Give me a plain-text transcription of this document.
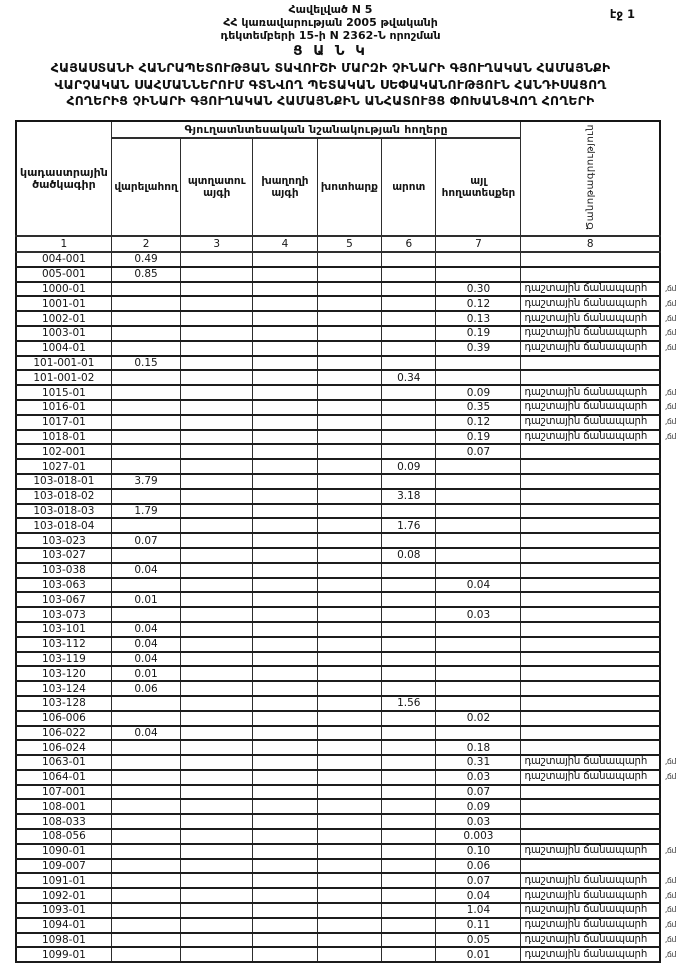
Հավելված N 5
ՀՀ կառավարության 2005 թվականի
դեկտեմբերի 15-ի N 2362-Ն որոշման
էջ 1
Ց Ա Ն Կ
ՀԱՅԱՍՏԱՆԻ ՀԱՆՐԱՊԵՏՈՒԹՅԱՆ ՏԱՎՈՒՇԻ ՄԱՐԶԻ ՉԻՆԱՐԻ ԳՅՈՒՂԱԿԱՆ ՀԱՄԱՅՆՔԻ
ՎԱՐՉԱԿԱՆ ՍԱՀՄԱՆՆԵՐՈՒՄ ԳՏՆՎՈՂ ՊԵՏԱԿԱՆ ՍԵՓԱԿԱՆՈՒԹՅՈՒՆ ՀԱՆԴԻՍԱՑՈՂ
ՀՈՂԵՐԻՑ ՉԻՆԱՐԻ ԳՅՈՒՂԱԿԱՆ ՀԱՄԱՅՆՔԻՆ ԱՆՀԱՏՈՒՅՑ ՓՈԽԱՆՑՎՈՂ ՀՈՂԵՐԻ
կադաստրային ծածկագիր	Գյուղատնտեսական նշանակության հողերը						Ծանոթագրություն
	վարելահող	պտղատու այգի	խաղողի այգի	խոտհարք	արոտ	այլ հողատեսքեր	
1	2	3	4	5	6	7	8
004-001	0.49						
005-001	0.85						
1000-01						0.30	դաշտային ճանապարհ ,ճմ

1001-01						0.12	դաշտային ճանապարհ ,ճմ

1002-01						0.13	դաշտային ճանապարհ ,ճմ

1003-01						0.19	դաշտային ճանապարհ ,ճմ

1004-01						0.39	դաշտային ճանապարհ ,ճմ

101-001-01	0.15						
101-001-02					0.34		
1015-01						0.09	դաշտային ճանապարհ ,ճմ

1016-01						0.35	դաշտային ճանապարհ ,ճմ

1017-01						0.12	դաշտային ճանապարհ ,ճմ

1018-01						0.19	դաշտային ճանապարհ ,ճմ

102-001						0.07	
1027-01					0.09		
103-018-01	3.79						
103-018-02					3.18		
103-018-03	1.79						
103-018-04					1.76		
103-023	0.07						
103-027					0.08		
103-038	0.04						
103-063						0.04	
103-067	0.01						
103-073						0.03	
103-101	0.04						
103-112	0.04						
103-119	0.04						
103-120	0.01						
103-124	0.06						
103-128					1.56		
106-006						0.02	
106-022	0.04						
106-024						0.18	
1063-01						0.31	դաշտային ճանապարհ ,ճմ

1064-01						0.03	դաշտային ճանապարհ ,ճմ

107-001						0.07	
108-001						0.09	
108-033						0.03	
108-056						0.003	
1090-01						0.10	դաշտային ճանապարհ ,ճմ

109-007						0.06	
1091-01						0.07	դաշտային ճանապարհ ,ճմ

1092-01						0.04	դաշտային ճանապարհ ,ճմ

1093-01						1.04	դաշտային ճանապարհ ,ճմ

1094-01						0.11	դաշտային ճանապարհ ,ճմ

1098-01						0.05	դաշտային ճանապարհ ,ճմ

1099-01						0.01	դաշտային ճանապարհ ,ճմ
